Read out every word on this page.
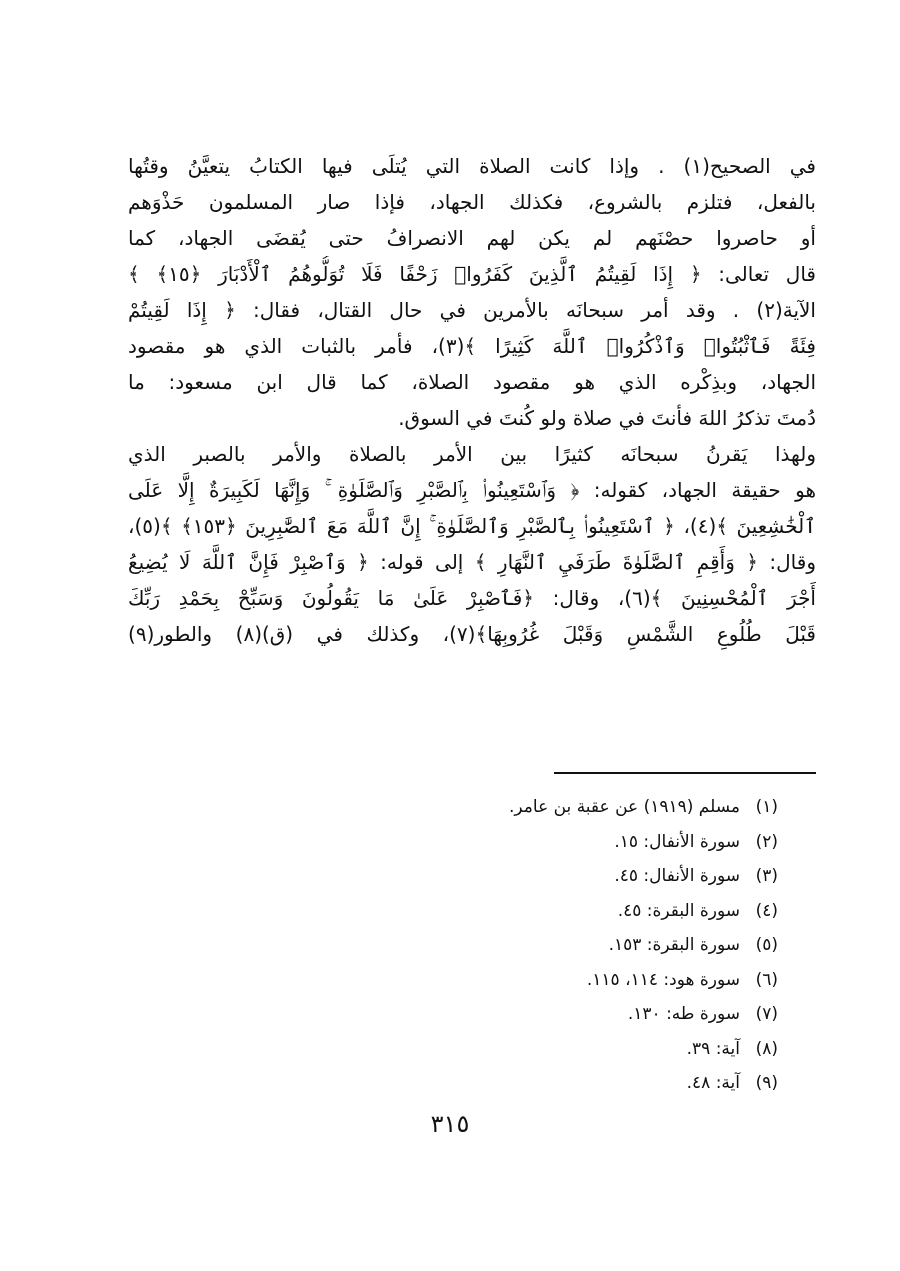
في الصحيح(١) . وإذا كانت الصلاة التي يُتلَى فيها الكتابُ يتعيَّنُ وقتُها
بالفعل، فتلزم بالشروع، فكذلك الجهاد، فإذا صار المسلمون حَذْوَهم
أو حاصروا حصْنَهم لم يكن لهم الانصرافُ حتى يُقضَى الجهاد، كما
قال تعالى: ﴿ إِذَا لَقِيتُمُ ٱلَّذِينَ كَفَرُوا۟ زَحْفًا فَلَا تُوَلُّوهُمُ ٱلْأَدْبَارَ ﴿١٥﴾ ﴾
الآية(٢) . وقد أمر سبحانَه بالأمرين في حال القتال، فقال: ﴿ إِذَا لَقِيتُمْ
فِئَةً فَٱثْبُتُوا۟ وَٱذْكُرُوا۟ ٱللَّهَ كَثِيرًا ﴾(٣)، فأمر بالثبات الذي هو مقصود
الجهاد، وبذِكْره الذي هو مقصود الصلاة، كما قال ابن مسعود: ما
دُمتَ تذكرُ اللهَ فأنتَ في صلاة ولو كُنتَ في السوق.
ولهذا يَقرنُ سبحانَه كثيرًا بين الأمر بالصلاة والأمر بالصبر الذي
هو حقيقة الجهاد، كقوله: ﴿ وَٱسْتَعِينُوا۟ بِٱلصَّبْرِ وَٱلصَّلَوٰةِ ۚ وَإِنَّهَا لَكَبِيرَةٌ إِلَّا عَلَى
ٱلْخَٰشِعِينَ ﴾(٤)، ﴿ ٱسْتَعِينُوا۟ بِٱلصَّبْرِ وَٱلصَّلَوٰةِ ۚ إِنَّ ٱللَّهَ مَعَ ٱلصَّٰبِرِينَ ﴿١٥٣﴾ ﴾(٥)،
وقال: ﴿ وَأَقِمِ ٱلصَّلَوٰةَ طَرَفَيِ ٱلنَّهَارِ ﴾ إلى قوله: ﴿ وَٱصْبِرْ فَإِنَّ ٱللَّهَ لَا يُضِيعُ
أَجْرَ ٱلْمُحْسِنِينَ ﴾(٦)، وقال: ﴿فَٱصْبِرْ عَلَىٰ مَا يَقُولُونَ وَسَبِّحْ بِحَمْدِ رَبِّكَ
قَبْلَ طُلُوعِ الشَّمْسِ وَقَبْلَ غُرُوبِهَا﴾(٧)، وكذلك في (ق)(٨) والطور(٩)
(١)
مسلم (١٩١٩) عن عقبة بن عامر.
(٢)
سورة الأنفال: ١٥.
(٣)
سورة الأنفال: ٤٥.
(٤)
سورة البقرة: ٤٥.
(٥)
سورة البقرة: ١٥٣.
(٦)
سورة هود: ١١٤، ١١٥.
(٧)
سورة طه: ١٣٠.
(٨)
آية: ٣٩.
(٩)
آية: ٤٨.
٣١٥
